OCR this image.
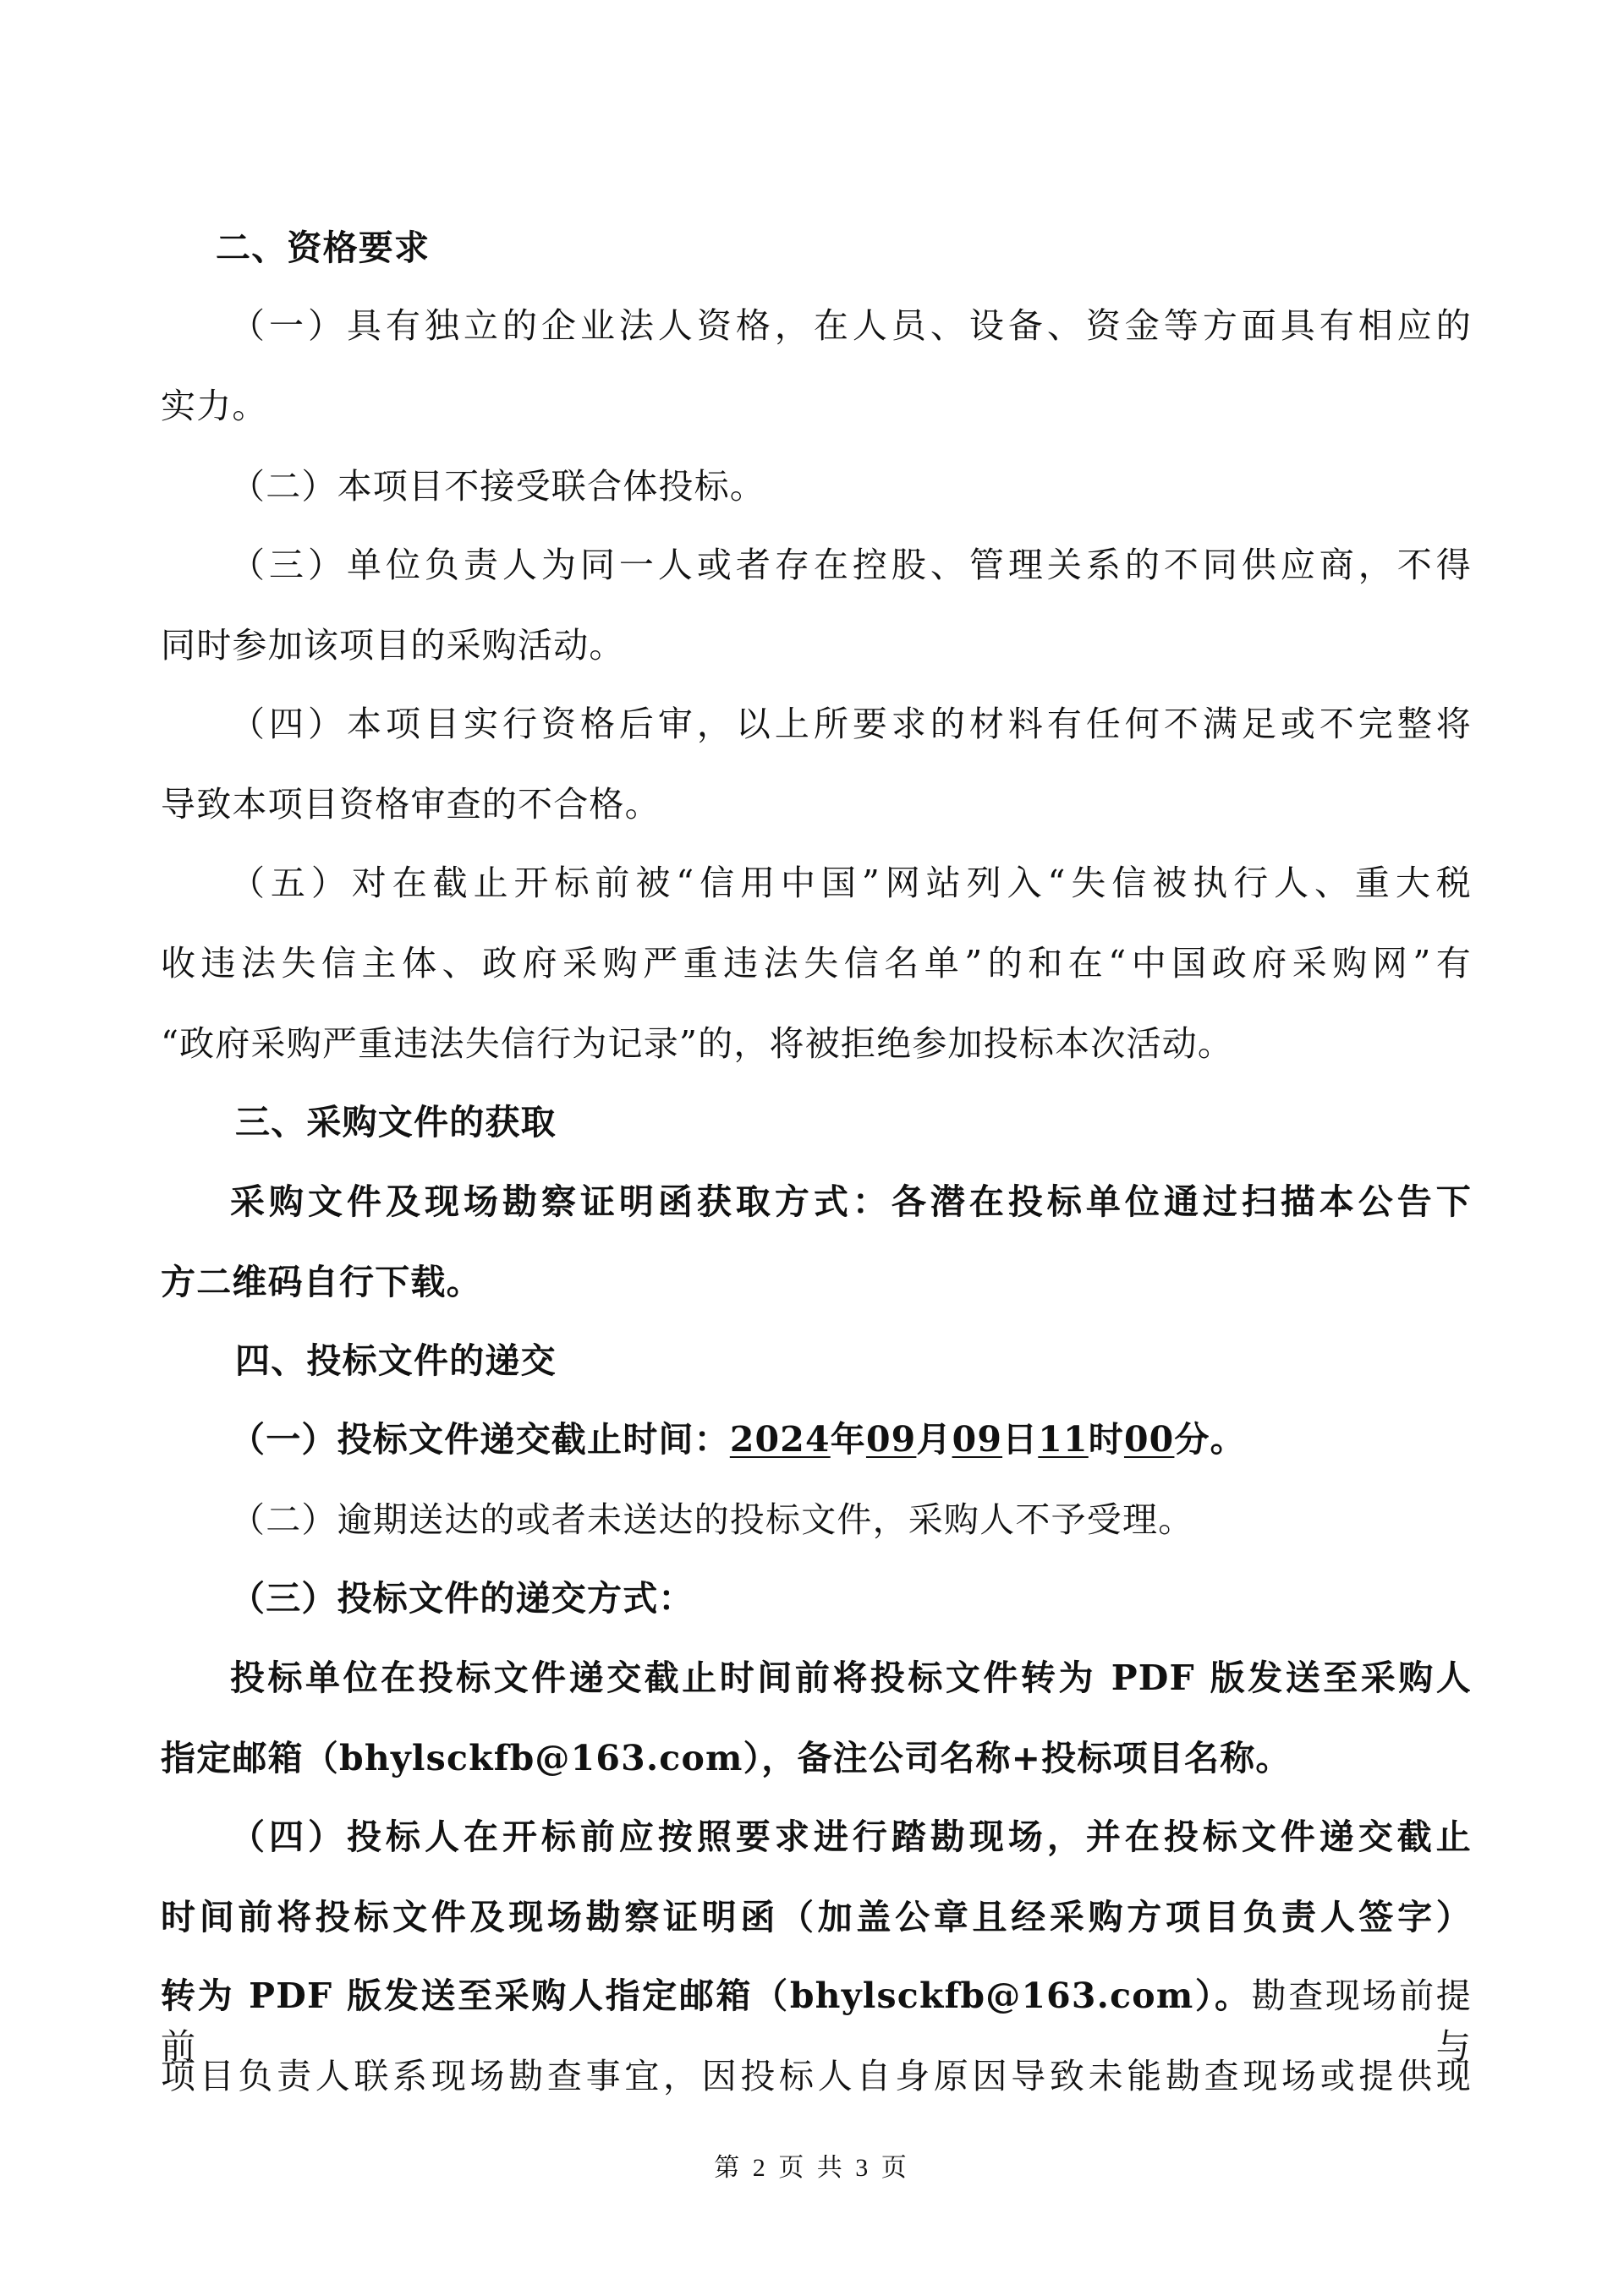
二、资格要求
（一）具有独立的企业法人资格，在人员、设备、资金等方面具有相应的
实力。
（二）本项目不接受联合体投标。
（三）单位负责人为同一人或者存在控股、管理关系的不同供应商，不得
同时参加该项目的采购活动。
（四）本项目实行资格后审，以上所要求的材料有任何不满足或不完整将
导致本项目资格审查的不合格。
（五）对在截止开标前被“信用中国”网站列入“失信被执行人、重大税
收违法失信主体、政府采购严重违法失信名单”的和在“中国政府采购网”有
“政府采购严重违法失信行为记录”的，将被拒绝参加投标本次活动。
三、采购文件的获取
采购文件及现场勘察证明函获取方式：各潜在投标单位通过扫描本公告下
方二维码自行下载。
四、投标文件的递交
（一）投标文件递交截止时间：2024年09月09日11时00分。
（二）逾期送达的或者未送达的投标文件，采购人不予受理。
（三）投标文件的递交方式：
投标单位在投标文件递交截止时间前将投标文件转为 PDF 版发送至采购人
指定邮箱（bhylsckfb@163.com），备注公司名称+投标项目名称。
（四）投标人在开标前应按照要求进行踏勘现场，并在投标文件递交截止
时间前将投标文件及现场勘察证明函（加盖公章且经采购方项目负责人签字）
转为 PDF 版发送至采购人指定邮箱（bhylsckfb@163.com）。勘查现场前提前与
项目负责人联系现场勘查事宜，因投标人自身原因导致未能勘查现场或提供现
第 2 页 共 3 页
